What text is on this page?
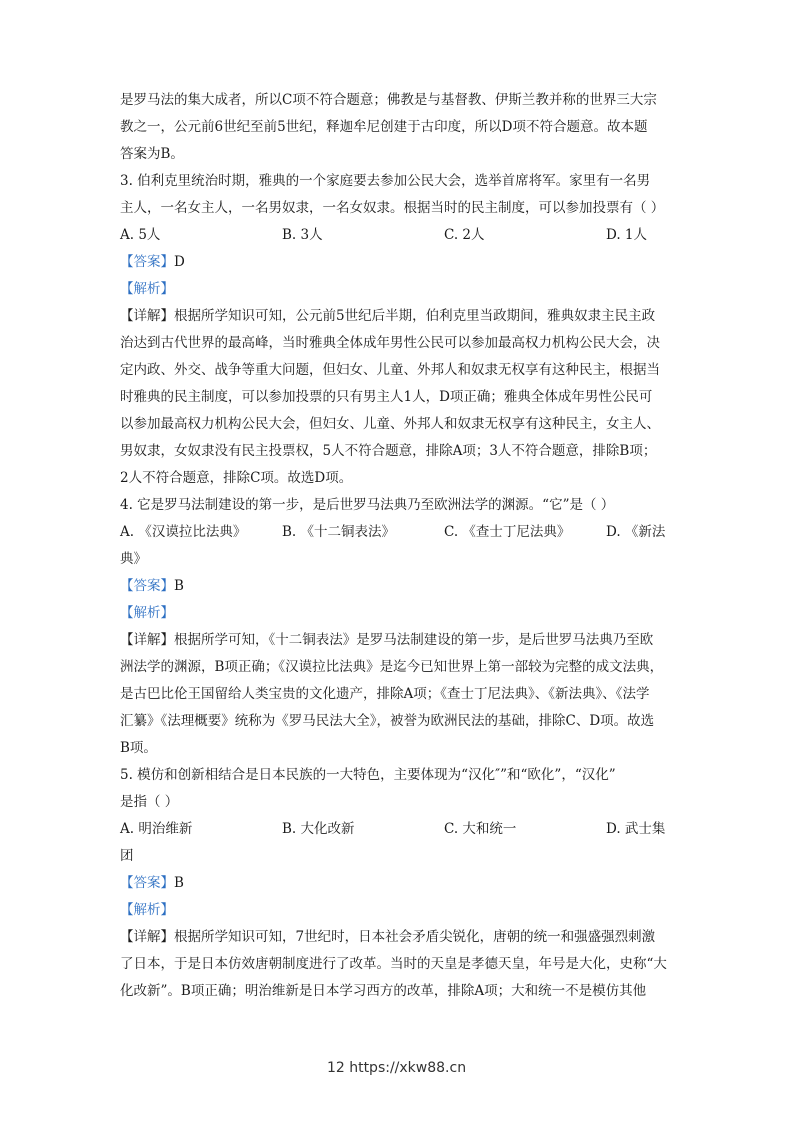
是罗马法的集大成者，所以C项不符合题意；佛教是与基督教、伊斯兰教并称的世界三大宗
教之一，公元前6世纪至前5世纪，释迦牟尼创建于古印度，所以D项不符合题意。故本题
答案为B。
3. 伯利克里统治时期，雅典的一个家庭要去参加公民大会，选举首席将军。家里有一名男
主人，一名女主人，一名男奴隶，一名女奴隶。根据当时的民主制度，可以参加投票有（ ）
A. 5人	B. 3人	C. 2人	D. 1人
【答案】D
【解析】
【详解】根据所学知识可知，公元前5世纪后半期，伯利克里当政期间，雅典奴隶主民主政
治达到古代世界的最高峰，当时雅典全体成年男性公民可以参加最高权力机构公民大会，决
定内政、外交、战争等重大问题，但妇女、儿童、外邦人和奴隶无权享有这种民主，根据当
时雅典的民主制度，可以参加投票的只有男主人1人，D项正确；雅典全体成年男性公民可
以参加最高权力机构公民大会，但妇女、儿童、外邦人和奴隶无权享有这种民主，女主人、
男奴隶，女奴隶没有民主投票权，5人不符合题意，排除A项；3人不符合题意，排除B项；
2人不符合题意，排除C项。故选D项。
4. 它是罗马法制建设的第一步，是后世罗马法典乃至欧洲法学的渊源。“它”是（ ）
A. 《汉谟拉比法典》	B. 《十二铜表法》	C. 《查士丁尼法典》	D. 《新法
典》
【答案】B
【解析】
【详解】根据所学可知，《十二铜表法》是罗马法制建设的第一步，是后世罗马法典乃至欧
洲法学的渊源，B项正确；《汉谟拉比法典》是迄今已知世界上第一部较为完整的成文法典，
是古巴比伦王国留给人类宝贵的文化遗产，排除A项；《查士丁尼法典》、《新法典》、《法学
汇纂》《法理概要》统称为《罗马民法大全》，被誉为欧洲民法的基础，排除C、D项。故选
B项。
5. 模仿和创新相结合是日本民族的一大特色，主要体现为“汉化″”和“欧化”，“汉化”
是指（ ）
A. 明治维新	B. 大化改新	C. 大和统一	D. 武士集
团
【答案】B
【解析】
【详解】根据所学知识可知，7世纪时，日本社会矛盾尖锐化，唐朝的统一和强盛强烈刺激
了日本，于是日本仿效唐朝制度进行了改革。当时的天皇是孝德天皇，年号是大化，史称“大
化改新”。B项正确；明治维新是日本学习西方的改革，排除A项；大和统一不是模仿其他
12 https://xkw88.cn
